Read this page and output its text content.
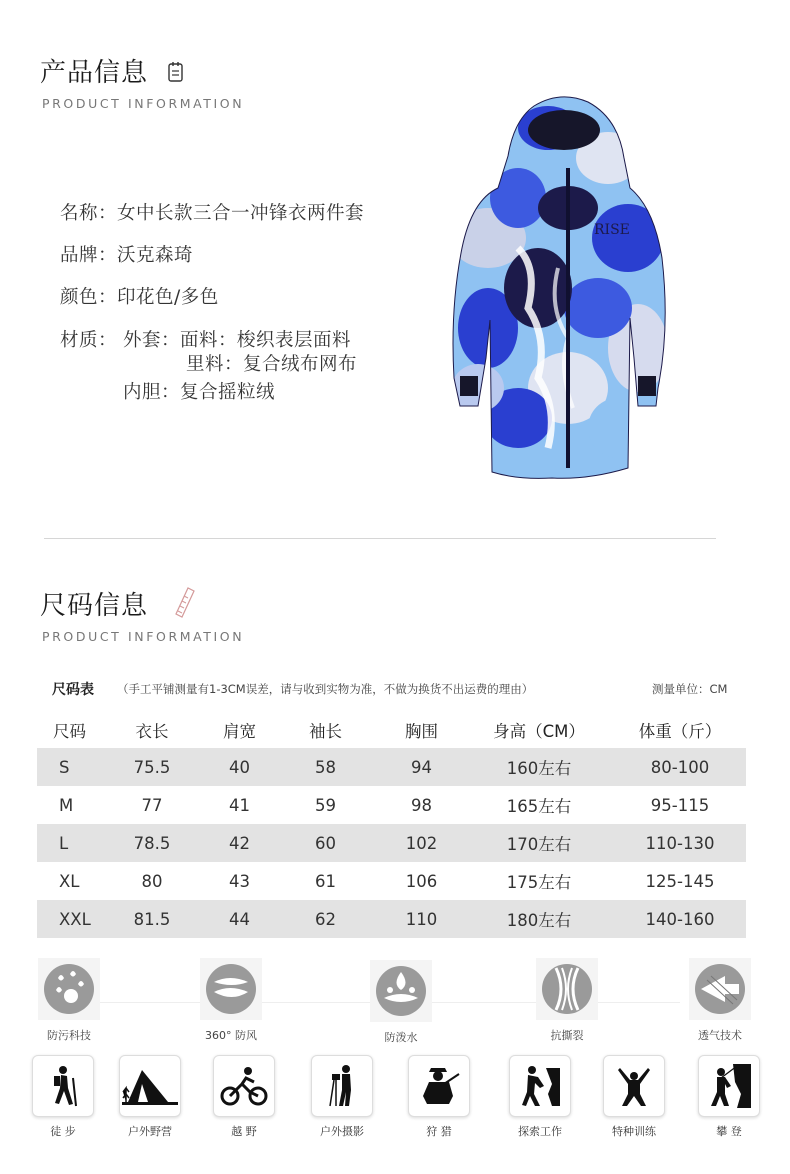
产品信息
PRODUCT INFORMATION
名称：女中长款三合一冲锋衣两件套
品牌：沃克森琦
颜色：印花色/多色
材质： 外套：面料：梭织表层面料
里料：复合绒布网布
内胆：复合摇粒绒
RISE
尺码信息
PRODUCT INFORMATION
尺码表 （手工平铺测量有1-3CM误差，请与收到实物为准，不做为换货不出运费的理由）	测量单位：CM
尺码	衣长	肩宽	袖长	胸围	身高（CM）	体重（斤）
S	75.5	40	58	94	160左右	80-100
M	77	41	59	98	165左右	95-115
L	78.5	42	60	102	170左右	110-130
XL	80	43	61	106	175左右	125-145
XXL	81.5	44	62	110	180左右	140-160
防污科技	360° 防风	防泼水	抗撕裂	透气技术
徒 步	户外野营	越 野	户外摄影	狩 猎	探索工作	特种训练	攀 登
